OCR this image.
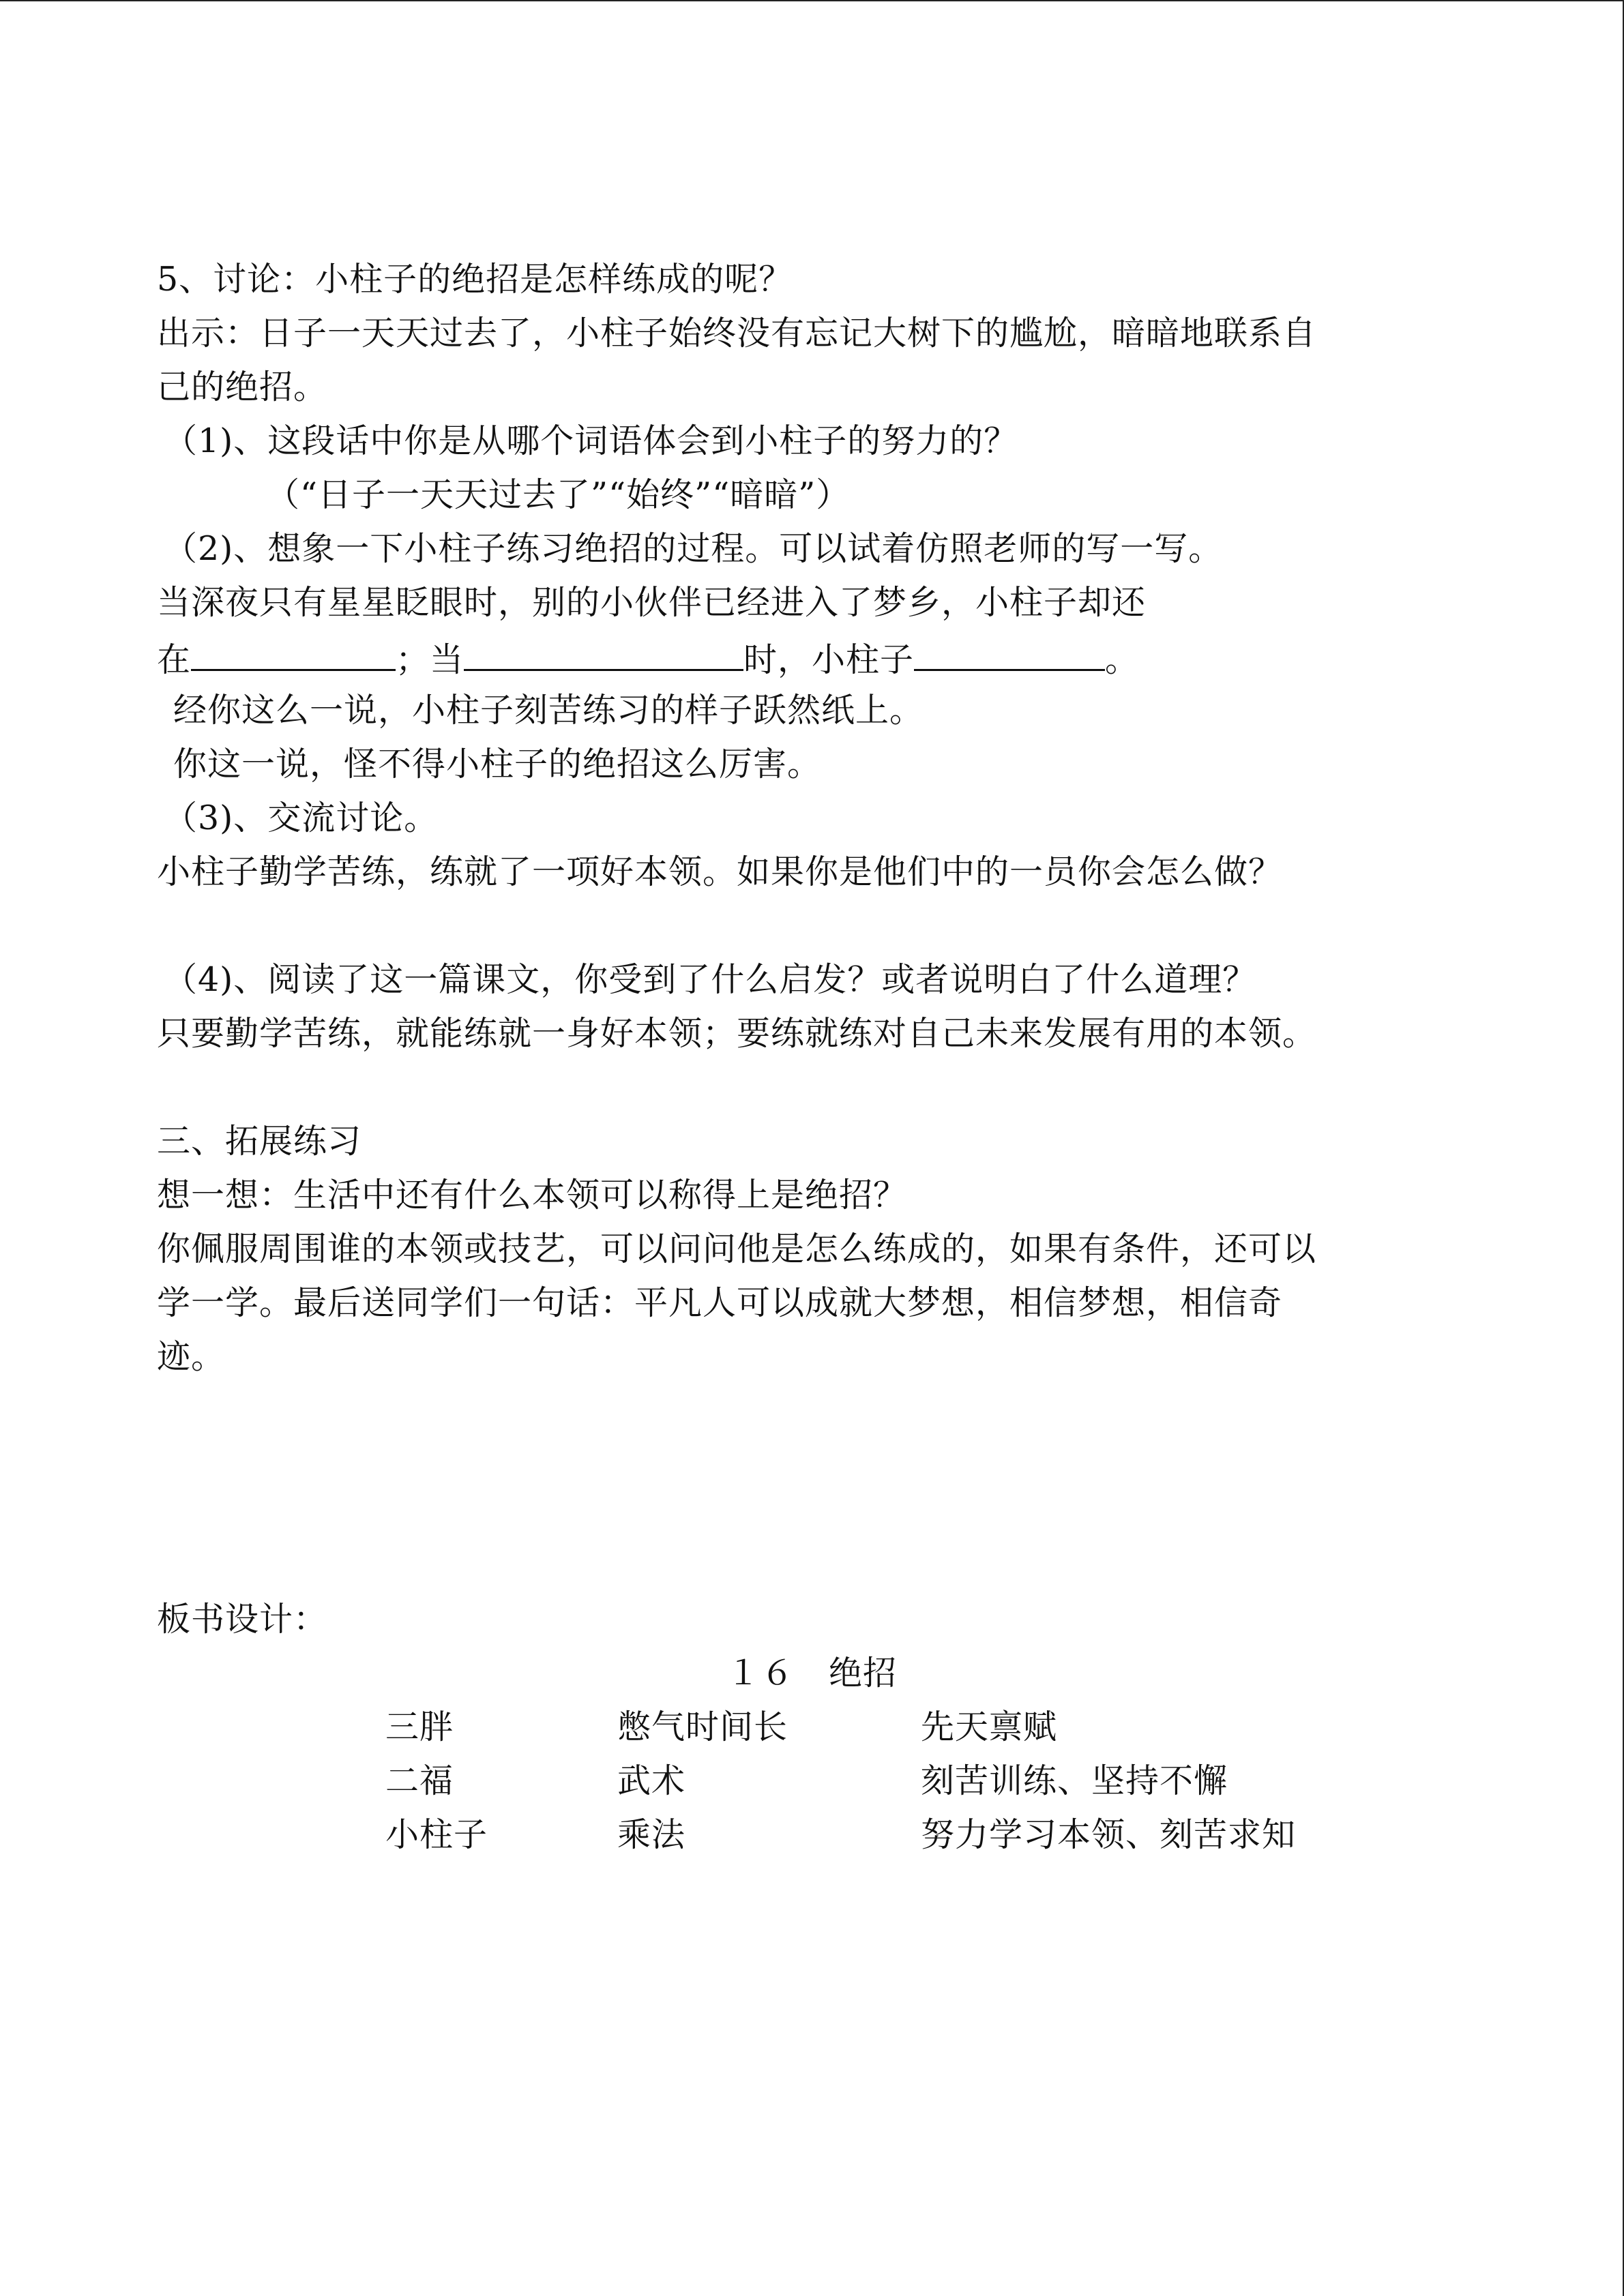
5、讨论：小柱子的绝招是怎样练成的呢？
出示：日子一天天过去了，小柱子始终没有忘记大树下的尴尬，暗暗地联系自
己的绝招。
（1)、这段话中你是从哪个词语体会到小柱子的努力的？
（“日子一天天过去了”“始终”“暗暗”）
（2)、想象一下小柱子练习绝招的过程。可以试着仿照老师的写一写。
当深夜只有星星眨眼时，别的小伙伴已经进入了梦乡，小柱子却还
在	；当	时，小柱子	。
经你这么一说，小柱子刻苦练习的样子跃然纸上。
你这一说，怪不得小柱子的绝招这么厉害。
（3)、交流讨论。
小柱子勤学苦练，练就了一项好本领。如果你是他们中的一员你会怎么做？
（4)、阅读了这一篇课文，你受到了什么启发？或者说明白了什么道理？
只要勤学苦练，就能练就一身好本领；要练就练对自己未来发展有用的本领。
三、拓展练习
想一想：生活中还有什么本领可以称得上是绝招？
你佩服周围谁的本领或技艺，可以问问他是怎么练成的，如果有条件，还可以
学一学。最后送同学们一句话：平凡人可以成就大梦想，相信梦想，相信奇
迹。
板书设计：
１６　绝招
三胖	憋气时间长	先天禀赋
二福	武术	刻苦训练、坚持不懈
小柱子	乘法	努力学习本领、刻苦求知
